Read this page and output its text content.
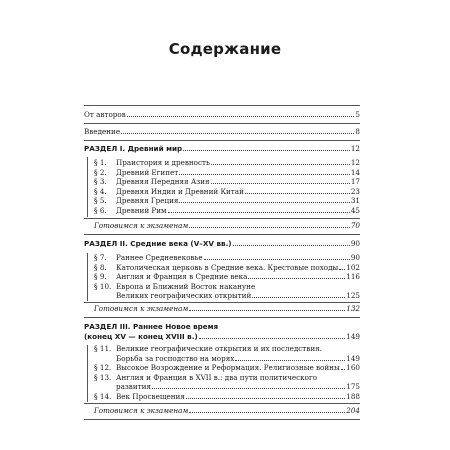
Содержание
От авторов	5
Введение	8
РАЗДЕЛ I. Древний мир	12
§ 1. Праистория и древность	12
§ 2. Древний Египет	14
§ 3. Древняя Передняя Азия	17
§ 4. Древняя Индия и Древний Китай	23
§ 5. Древняя Греция	31
§ 6. Древний Рим	45
Готовимся к экзаменам	70
РАЗДЕЛ II. Средние века (V–XV вв.)	90
§ 7. Раннее Средневековье	90
§ 8. Католическая церковь в Средние века. Крестовые походы 102
§ 9. Англия и Франция в Средние века	116
§ 10. Европа и Ближний Восток накануне
Великих географических открытий	125
Готовимся к экзаменам	132
РАЗДЕЛ III. Раннее Новое время
(конец XV — конец XVIII в.)	149
§ 11. Великие географические открытия и их последствия.
Борьба за господство на морях	149
§ 12. Высокое Возрождение и Реформация. Религиозные войны 160
§ 13. Англия и Франция в XVII в.: два пути политического
развития	175
§ 14. Век Просвещения	188
Готовимся к экзаменам	204
